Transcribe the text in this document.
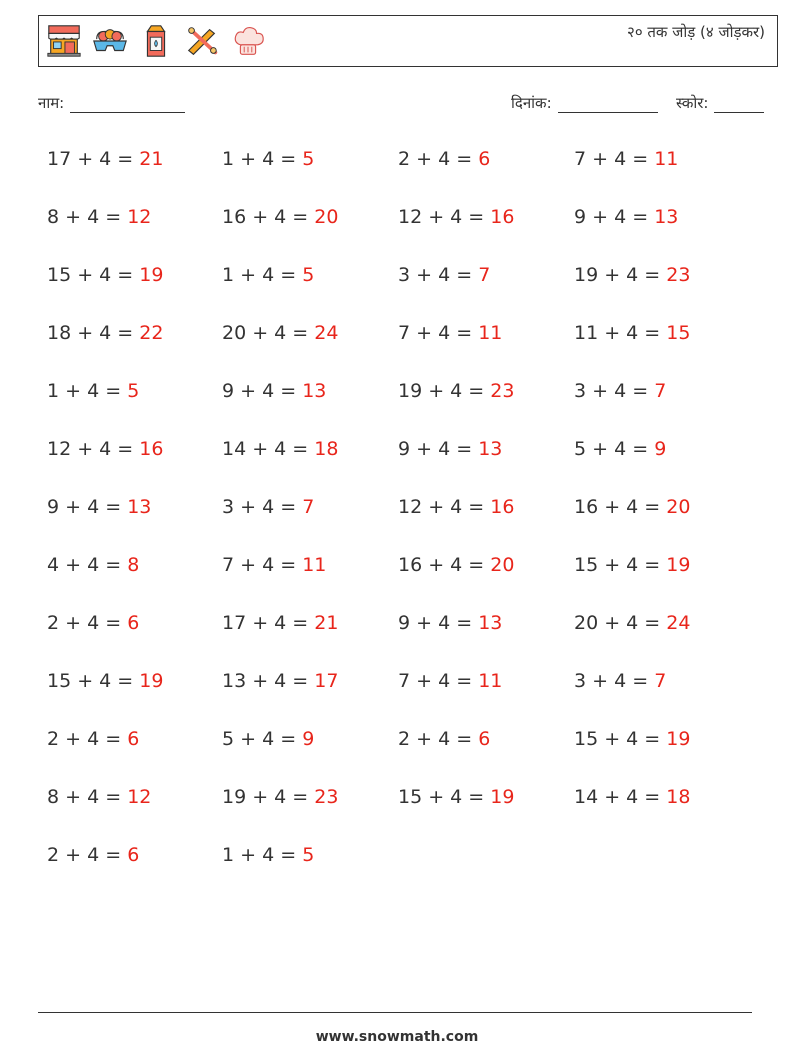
२० तक जोड़ (४ जोड़कर)
नाम:	दिनांक:	स्कोर:
17 + 4 = 21	1 + 4 = 5	2 + 4 = 6	7 + 4 = 11
8 + 4 = 12	16 + 4 = 20	12 + 4 = 16	9 + 4 = 13
15 + 4 = 19	1 + 4 = 5	3 + 4 = 7	19 + 4 = 23
18 + 4 = 22	20 + 4 = 24	7 + 4 = 11	11 + 4 = 15
1 + 4 = 5	9 + 4 = 13	19 + 4 = 23	3 + 4 = 7
12 + 4 = 16	14 + 4 = 18	9 + 4 = 13	5 + 4 = 9
9 + 4 = 13	3 + 4 = 7	12 + 4 = 16	16 + 4 = 20
4 + 4 = 8	7 + 4 = 11	16 + 4 = 20	15 + 4 = 19
2 + 4 = 6	17 + 4 = 21	9 + 4 = 13	20 + 4 = 24
15 + 4 = 19	13 + 4 = 17	7 + 4 = 11	3 + 4 = 7
2 + 4 = 6	5 + 4 = 9	2 + 4 = 6	15 + 4 = 19
8 + 4 = 12	19 + 4 = 23	15 + 4 = 19	14 + 4 = 18
2 + 4 = 6	1 + 4 = 5
www.snowmath.com
